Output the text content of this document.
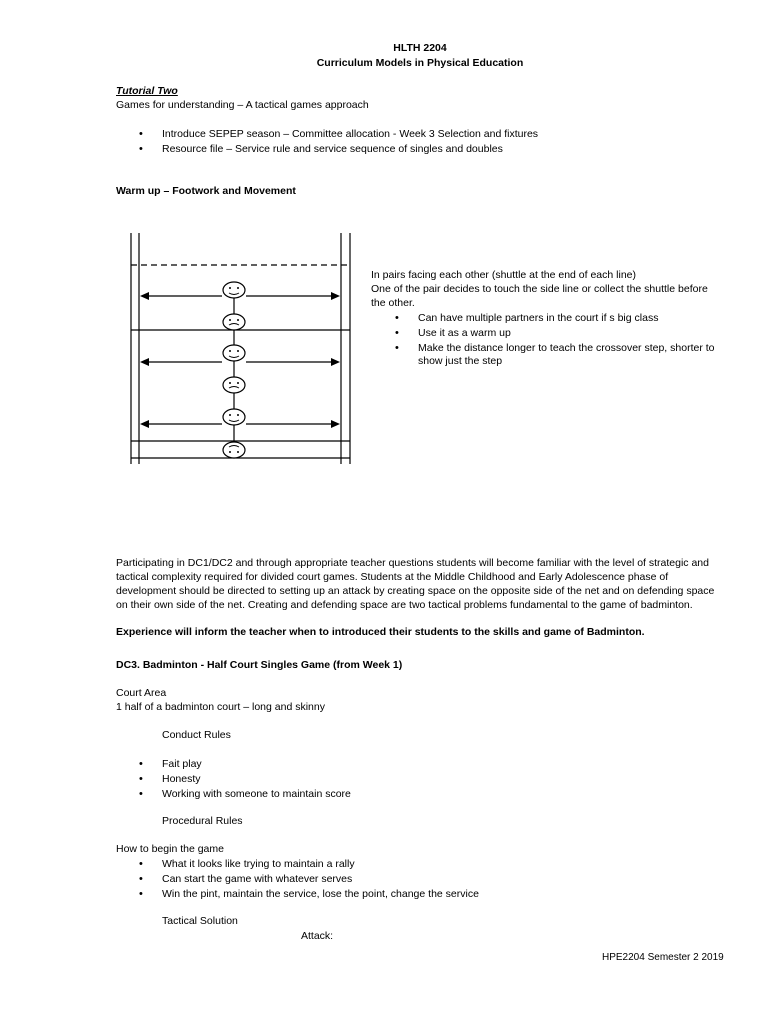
HLTH 2204
Curriculum Models in Physical Education
Tutorial Two
Games for understanding – A tactical games approach
• Introduce SEPEP season – Committee allocation - Week 3 Selection and fixtures
• Resource file – Service rule and service sequence of singles and doubles
Warm up – Footwork and Movement
In pairs facing each other (shuttle at the end of each line)
One of the pair decides to touch the side line or collect the shuttle before
the other.
• Can have multiple partners in the court if s big class
• Use it as a warm up
• Make the distance longer to teach the crossover step, shorter to
show just the step
Participating in DC1/DC2 and through appropriate teacher questions students will become familiar with the level of strategic and
tactical complexity required for divided court games. Students at the Middle Childhood and Early Adolescence phase of
development should be directed to setting up an attack by creating space on the opposite side of the net and on defending space
on their own side of the net. Creating and defending space are two tactical problems fundamental to the game of badminton.
Experience will inform the teacher when to introduced their students to the skills and game of Badminton.
DC3. Badminton - Half Court Singles Game (from Week 1)
Court Area
1 half of a badminton court – long and skinny
Conduct Rules
• Fait play
• Honesty
• Working with someone to maintain score
Procedural Rules
How to begin the game
• What it looks like trying to maintain a rally
• Can start the game with whatever serves
• Win the pint, maintain the service, lose the point, change the service
Tactical Solution
Attack:
HPE2204 Semester 2 2019
